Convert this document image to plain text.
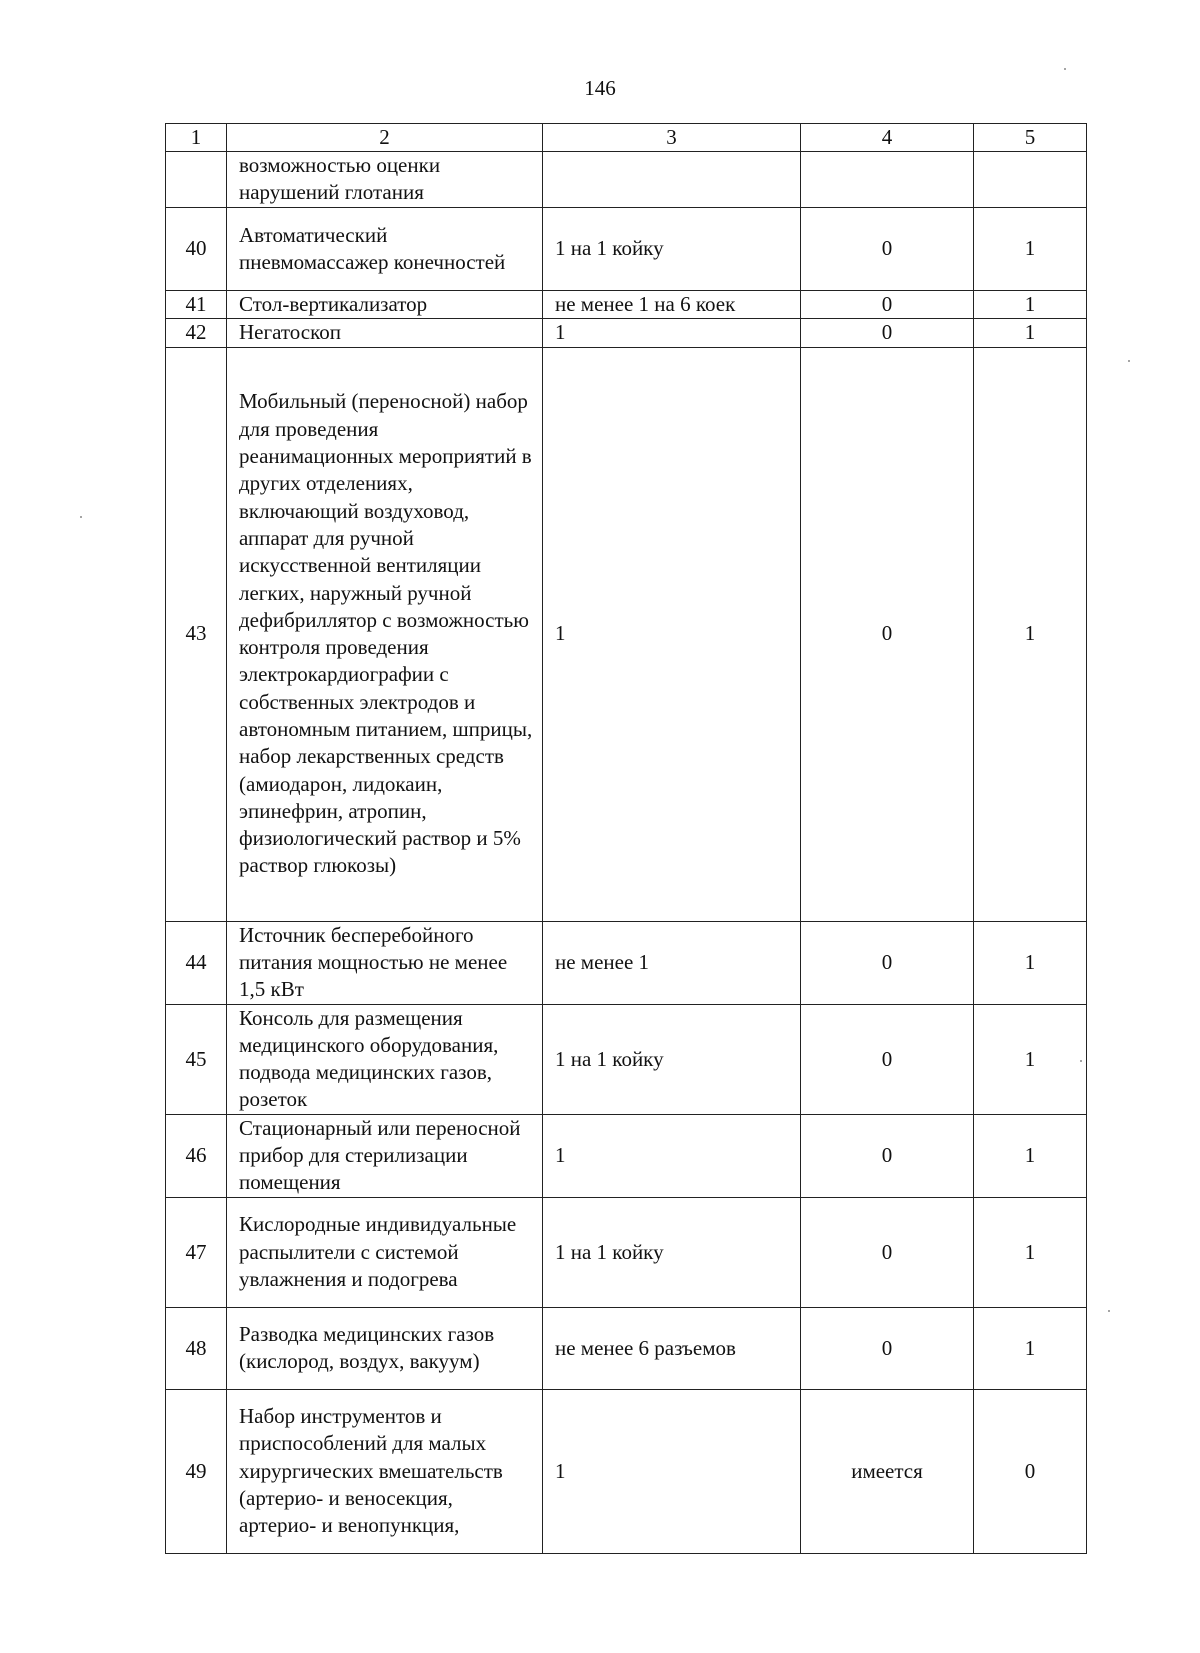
146
1	2	3	4	5
	возможностью оценки нарушений глотания			
40	Автоматический пневмомассажер конечностей	1 на 1 койку	0	1
41	Стол-вертикализатор	не менее 1 на 6 коек	0	1
42	Негатоскоп	1	0	1
43	Мобильный (переносной) набор для проведения реанимационных мероприятий в других отделениях, включающий воздуховод, аппарат для ручной искусственной вентиляции легких, наружный ручной дефибриллятор с возможностью контроля проведения электрокардиографии с собственных электродов и автономным питанием, шприцы, набор лекарственных средств (амиодарон, лидокаин, эпинефрин, атропин, физиологический раствор и 5% раствор глюкозы)	1	0	1
44	Источник бесперебойного питания мощностью не менее 1,5 кВт	не менее 1	0	1
45	Консоль для размещения медицинского оборудования, подвода медицинских газов, розеток	1 на 1 койку	0	1
46	Стационарный или переносной прибор для стерилизации помещения	1	0	1
47	Кислородные индивидуальные распылители с системой увлажнения и подогрева	1 на 1 койку	0	1
48	Разводка медицинских газов (кислород, воздух, вакуум)	не менее 6 разъемов	0	1
49	Набор инструментов и приспособлений для малых хирургических вмешательств (артерио- и веносекция, артерио- и венопункция,	1	имеется	0
